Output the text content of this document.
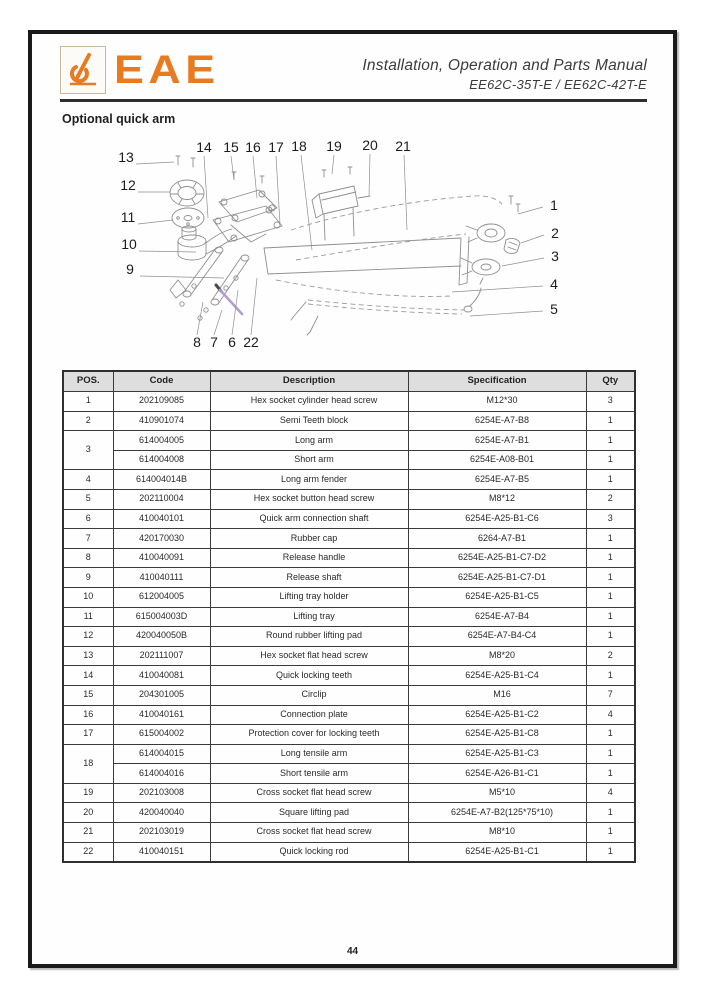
EAE	Installation, Operation and Parts Manual
EE62C-35T-E / EE62C-42T-E
Optional quick arm
1
2
3
4
5
6
7
8
9
10
11
12
13
14 15 16 17 18 19 20 21
22
POS.	Code	Description	Specification	Qty
1	202109085	Hex socket cylinder head screw	M12*30	3
2	410901074	Semi Teeth block	6254E-A7-B8	1
3	614004005	Long arm	6254E-A7-B1	1
	614004008	Short arm	6254E-A08-B01	1
4	614004014B	Long arm fender	6254E-A7-B5	1
5	202110004	Hex socket button head screw	M8*12	2
6	410040101	Quick arm connection shaft	6254E-A25-B1-C6	3
7	420170030	Rubber cap	6264-A7-B1	1
8	410040091	Release handle	6254E-A25-B1-C7-D2	1
9	410040111	Release shaft	6254E-A25-B1-C7-D1	1
10	612004005	Lifting tray holder	6254E-A25-B1-C5	1
11	615004003D	Lifting tray	6254E-A7-B4	1
12	420040050B	Round rubber lifting pad	6254E-A7-B4-C4	1
13	202111007	Hex socket flat head screw	M8*20	2
14	410040081	Quick locking teeth	6254E-A25-B1-C4	1
15	204301005	Circlip	M16	7
16	410040161	Connection plate	6254E-A25-B1-C2	4
17	615004002	Protection cover for locking teeth	6254E-A25-B1-C8	1
18	614004015	Long tensile arm	6254E-A25-B1-C3	1
	614004016	Short tensile arm	6254E-A26-B1-C1	1
19	202103008	Cross socket flat head screw	M5*10	4
20	420040040	Square lifting pad	6254E-A7-B2(125*75*10)	1
21	202103019	Cross socket flat head screw	M8*10	1
22	410040151	Quick locking rod	6254E-A25-B1-C1	1
44
